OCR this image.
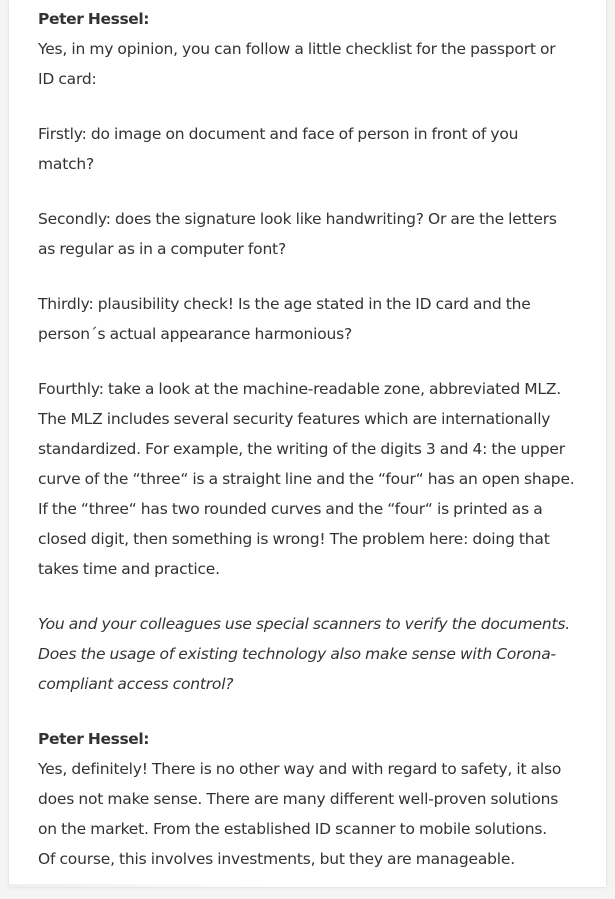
Peter Hessel:
Yes, in my opinion, you can follow a little checklist for the passport or
ID card:

Firstly: do image on document and face of person in front of you
match?

Secondly: does the signature look like handwriting? Or are the letters
as regular as in a computer font?

Thirdly: plausibility check! Is the age stated in the ID card and the
person´s actual appearance harmonious?

Fourthly: take a look at the machine-readable zone, abbreviated MLZ.
The MLZ includes several security features which are internationally
standardized. For example, the writing of the digits 3 and 4: the upper
curve of the “three“ is a straight line and the “four“ has an open shape.
If the “three“ has two rounded curves and the “four“ is printed as a
closed digit, then something is wrong! The problem here: doing that
takes time and practice.

You and your colleagues use special scanners to verify the documents.
Does the usage of existing technology also make sense with Corona-
compliant access control?

Peter Hessel:
Yes, definitely! There is no other way and with regard to safety, it also
does not make sense. There are many different well-proven solutions
on the market. From the established ID scanner to mobile solutions.
Of course, this involves investments, but they are manageable.
